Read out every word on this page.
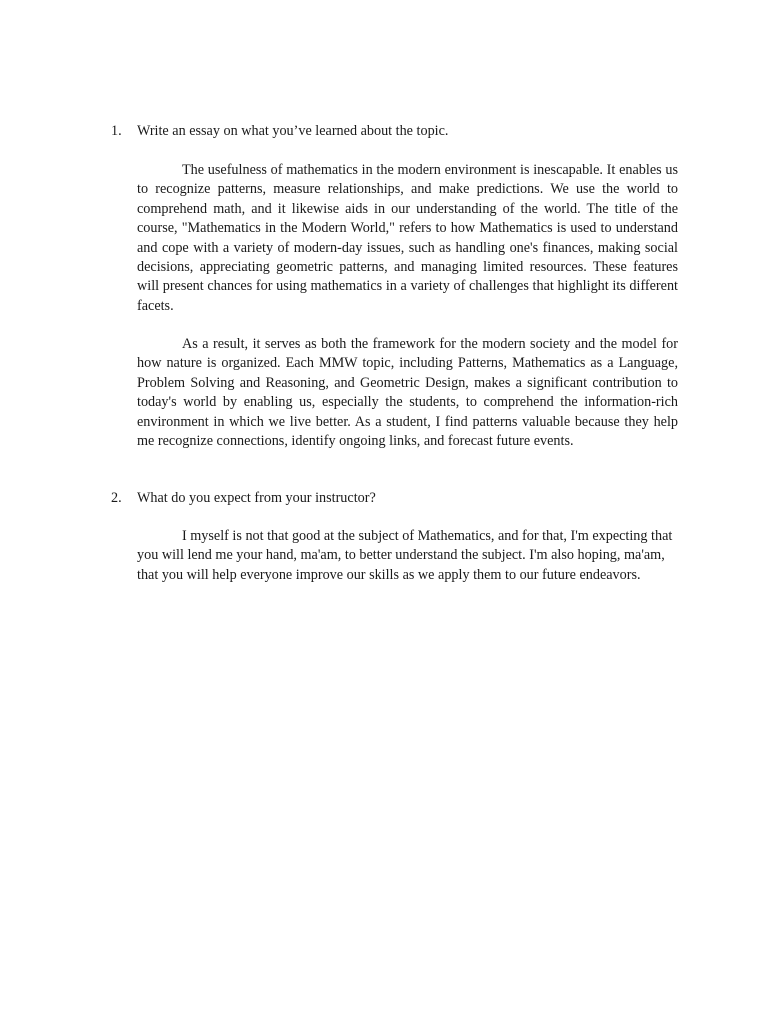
1. Write an essay on what you’ve learned about the topic.

The usefulness of mathematics in the modern environment is inescapable. It enables us to recognize patterns, measure relationships, and make predictions. We use the world to comprehend math, and it likewise aids in our understanding of the world. The title of the course, "Mathematics in the Modern World," refers to how Mathematics is used to understand and cope with a variety of modern-day issues, such as handling one's finances, making social decisions, appreciating geometric patterns, and managing limited resources. These features will present chances for using mathematics in a variety of challenges that highlight its different facets.

As a result, it serves as both the framework for the modern society and the model for how nature is organized. Each MMW topic, including Patterns, Mathematics as a Language, Problem Solving and Reasoning, and Geometric Design, makes a significant contribution to today's world by enabling us, especially the students, to comprehend the information-rich environment in which we live better. As a student, I find patterns valuable because they help me recognize connections, identify ongoing links, and forecast future events.

2. What do you expect from your instructor?

I myself is not that good at the subject of Mathematics, and for that, I'm expecting that you will lend me your hand, ma'am, to better understand the subject. I'm also hoping, ma'am, that you will help everyone improve our skills as we apply them to our future endeavors.
